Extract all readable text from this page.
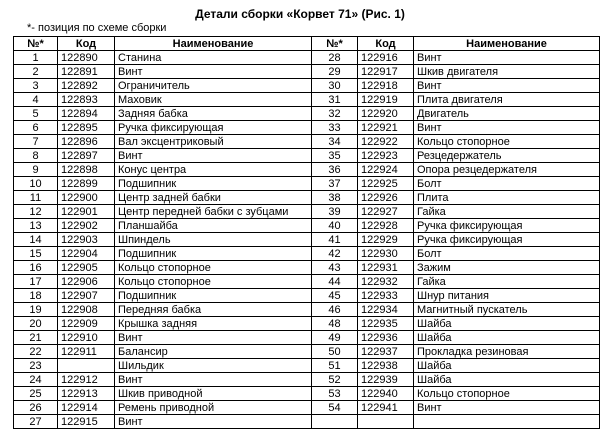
Детали сборки «Корвет 71» (Рис. 1)
*- позиция по схеме сборки
№*	Код	Наименование	№*	Код	Наименование
1	122890	Станина	28	122916	Винт
2	122891	Винт	29	122917	Шкив двигателя
3	122892	Ограничитель	30	122918	Винт
4	122893	Маховик	31	122919	Плита двигателя
5	122894	Задняя бабка	32	122920	Двигатель
6	122895	Ручка фиксирующая	33	122921	Винт
7	122896	Вал эксцентриковый	34	122922	Кольцо стопорное
8	122897	Винт	35	122923	Резцедержатель
9	122898	Конус центра	36	122924	Опора резцедержателя
10	122899	Подшипник	37	122925	Болт
11	122900	Центр задней бабки	38	122926	Плита
12	122901	Центр передней бабки с зубцами	39	122927	Гайка
13	122902	Планшайба	40	122928	Ручка фиксирующая
14	122903	Шпиндель	41	122929	Ручка фиксирующая
15	122904	Подшипник	42	122930	Болт
16	122905	Кольцо стопорное	43	122931	Зажим
17	122906	Кольцо стопорное	44	122932	Гайка
18	122907	Подшипник	45	122933	Шнур питания
19	122908	Передняя бабка	46	122934	Магнитный пускатель
20	122909	Крышка задняя	48	122935	Шайба
21	122910	Винт	49	122936	Шайба
22	122911	Балансир	50	122937	Прокладка резиновая
23		Шильдик	51	122938	Шайба
24	122912	Винт	52	122939	Шайба
25	122913	Шкив приводной	53	122940	Кольцо стопорное
26	122914	Ремень приводной	54	122941	Винт
27	122915	Винт			
